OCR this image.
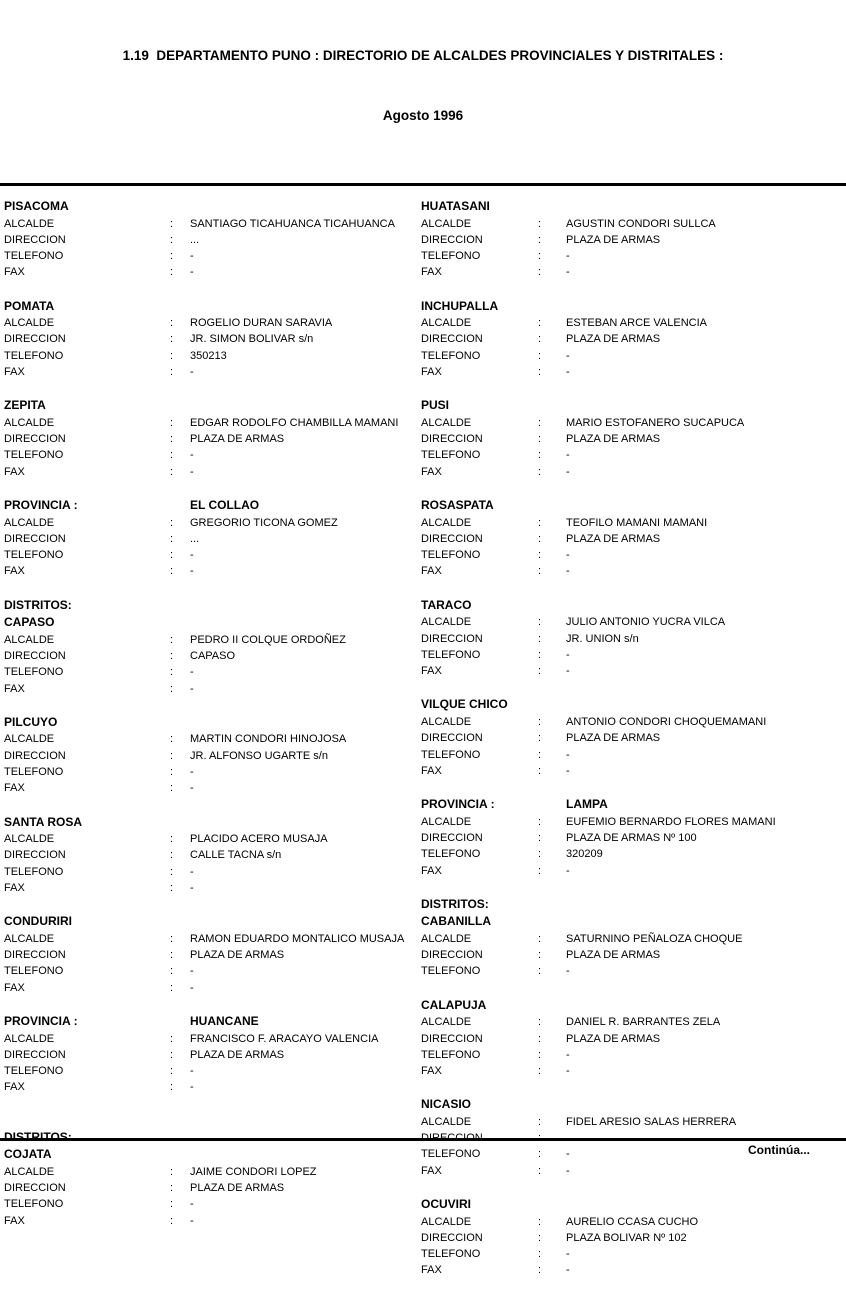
1.19  DEPARTAMENTO PUNO : DIRECTORIO DE ALCALDES PROVINCIALES Y DISTRITALES :

Agosto 1996

PISACOMA
ALCALDE	:	SANTIAGO TICAHUANCA TICAHUANCA
DIRECCION	:	...
TELEFONO	:	-
FAX	:	-
POMATA
ALCALDE	:	ROGELIO DURAN SARAVIA
DIRECCION	:	JR. SIMON BOLIVAR s/n
TELEFONO	:	350213
FAX	:	-
ZEPITA
ALCALDE	:	EDGAR RODOLFO CHAMBILLA MAMANI
DIRECCION	:	PLAZA DE ARMAS
TELEFONO	:	-
FAX	:	-
PROVINCIA :	EL COLLAO
ALCALDE	:	GREGORIO TICONA GOMEZ
DIRECCION	:	...
TELEFONO	:	-
FAX	:	-
DISTRITOS:
CAPASO
ALCALDE	:	PEDRO II COLQUE ORDOÑEZ
DIRECCION	:	CAPASO
TELEFONO	:	-
FAX	:	-
PILCUYO
ALCALDE	:	MARTIN CONDORI HINOJOSA
DIRECCION	:	JR. ALFONSO UGARTE s/n
TELEFONO	:	-
FAX	:	-
SANTA ROSA
ALCALDE	:	PLACIDO ACERO MUSAJA
DIRECCION	:	CALLE TACNA s/n
TELEFONO	:	-
FAX	:	-
CONDURIRI
ALCALDE	:	RAMON EDUARDO MONTALICO MUSAJA
DIRECCION	:	PLAZA DE ARMAS
TELEFONO	:	-
FAX	:	-
PROVINCIA :	HUANCANE
ALCALDE	:	FRANCISCO F. ARACAYO VALENCIA
DIRECCION	:	PLAZA DE ARMAS
TELEFONO	:	-
FAX	:	-
DISTRITOS:
COJATA
ALCALDE	:	JAIME CONDORI LOPEZ
DIRECCION	:	PLAZA DE ARMAS
TELEFONO	:	-
FAX	:	-
HUATASANI
ALCALDE	:	AGUSTIN CONDORI SULLCA
DIRECCION	:	PLAZA DE ARMAS
TELEFONO	:	-
FAX	:	-
INCHUPALLA
ALCALDE	:	ESTEBAN ARCE VALENCIA
DIRECCION	:	PLAZA DE ARMAS
TELEFONO	:	-
FAX	:	-
PUSI
ALCALDE	:	MARIO ESTOFANERO SUCAPUCA
DIRECCION	:	PLAZA DE ARMAS
TELEFONO	:	-
FAX	:	-
ROSASPATA
ALCALDE	:	TEOFILO MAMANI MAMANI
DIRECCION	:	PLAZA DE ARMAS
TELEFONO	:	-
FAX	:	-
TARACO
ALCALDE	:	JULIO ANTONIO YUCRA VILCA
DIRECCION	:	JR. UNION s/n
TELEFONO	:	-
FAX	:	-
VILQUE CHICO
ALCALDE	:	ANTONIO CONDORI CHOQUEMAMANI
DIRECCION	:	PLAZA DE ARMAS
TELEFONO	:	-
FAX	:	-
PROVINCIA :	LAMPA
ALCALDE	:	EUFEMIO BERNARDO FLORES MAMANI
DIRECCION	:	PLAZA DE ARMAS Nº 100
TELEFONO	:	320209
FAX	:	-
DISTRITOS:
CABANILLA
ALCALDE	:	SATURNINO PEÑALOZA CHOQUE
DIRECCION	:	PLAZA DE ARMAS
TELEFONO	:	-
CALAPUJA
ALCALDE	:	DANIEL R. BARRANTES ZELA
DIRECCION	:	PLAZA DE ARMAS
TELEFONO	:	-
FAX	:	-
NICASIO
ALCALDE	:	FIDEL ARESIO SALAS HERRERA
DIRECCION	:	...
TELEFONO	:	-
FAX	:	-
OCUVIRI
ALCALDE	:	AURELIO CCASA CUCHO
DIRECCION	:	PLAZA BOLIVAR Nº 102
TELEFONO	:	-
FAX	:	-
Continúa...
